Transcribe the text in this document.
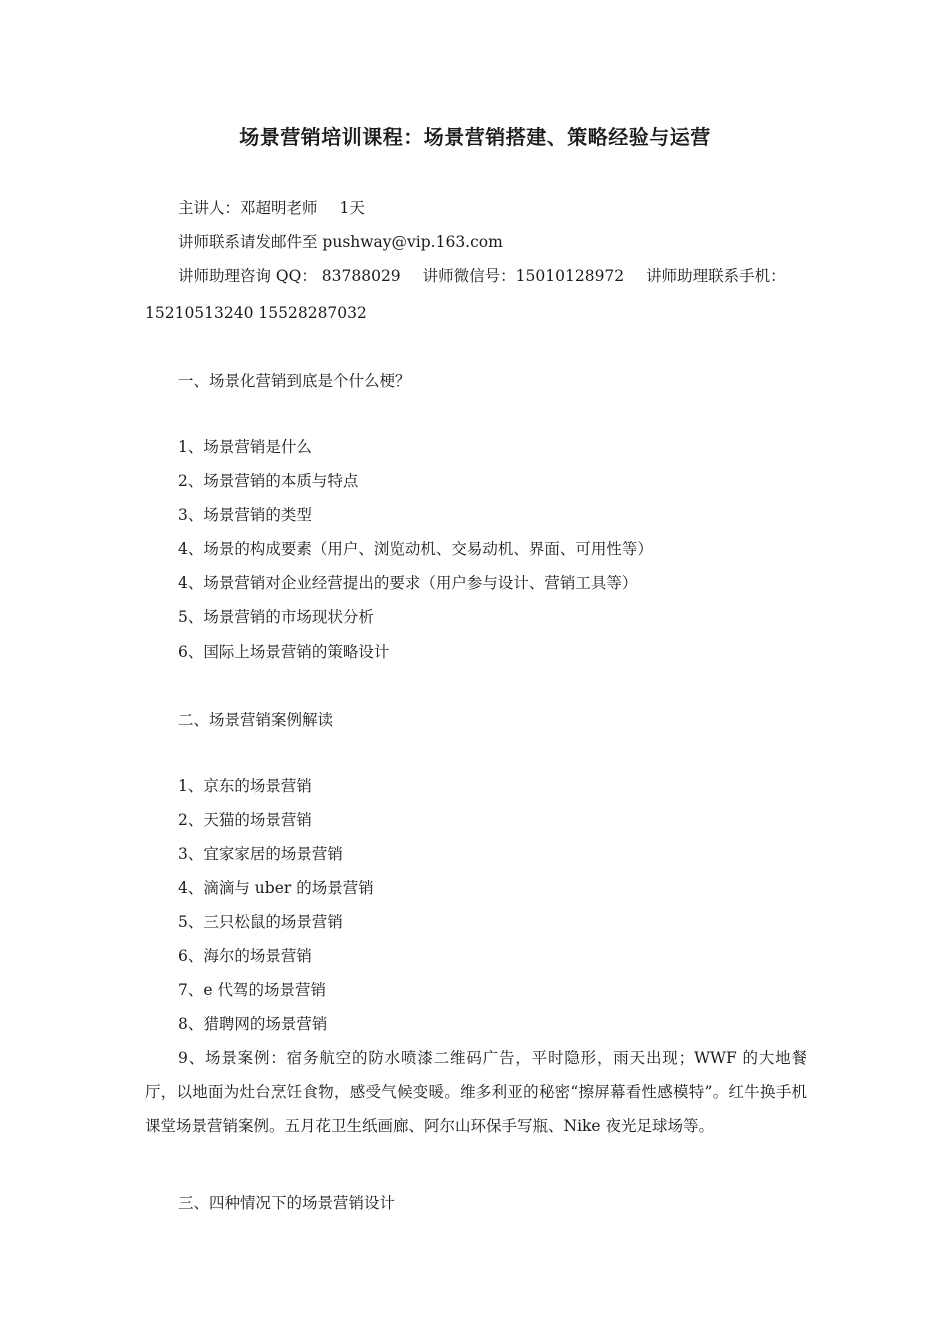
场景营销培训课程：场景营销搭建、策略经验与运营
主讲人：邓超明老师 1天
讲师联系请发邮件至 pushway@vip.163.com
讲师助理咨询 QQ： 83788029 讲师微信号：15010128972 讲师助理联系手机：
15210513240 15528287032
一、场景化营销到底是个什么梗？
1、场景营销是什么
2、场景营销的本质与特点
3、场景营销的类型
4、场景的构成要素（用户、浏览动机、交易动机、界面、可用性等）
4、场景营销对企业经营提出的要求（用户参与设计、营销工具等）
5、场景营销的市场现状分析
6、国际上场景营销的策略设计
二、场景营销案例解读
1、京东的场景营销
2、天猫的场景营销
3、宜家家居的场景营销
4、滴滴与 uber 的场景营销
5、三只松鼠的场景营销
6、海尔的场景营销
7、e 代驾的场景营销
8、猎聘网的场景营销
9、场景案例：宿务航空的防水喷漆二维码广告，平时隐形，雨天出现；WWF 的大地餐厅，以地面为灶台烹饪食物，感受气候变暖。维多利亚的秘密“擦屏幕看性感模特”。红牛换手机课堂场景营销案例。五月花卫生纸画廊、阿尔山环保手写瓶、Nike 夜光足球场等。
三、四种情况下的场景营销设计
